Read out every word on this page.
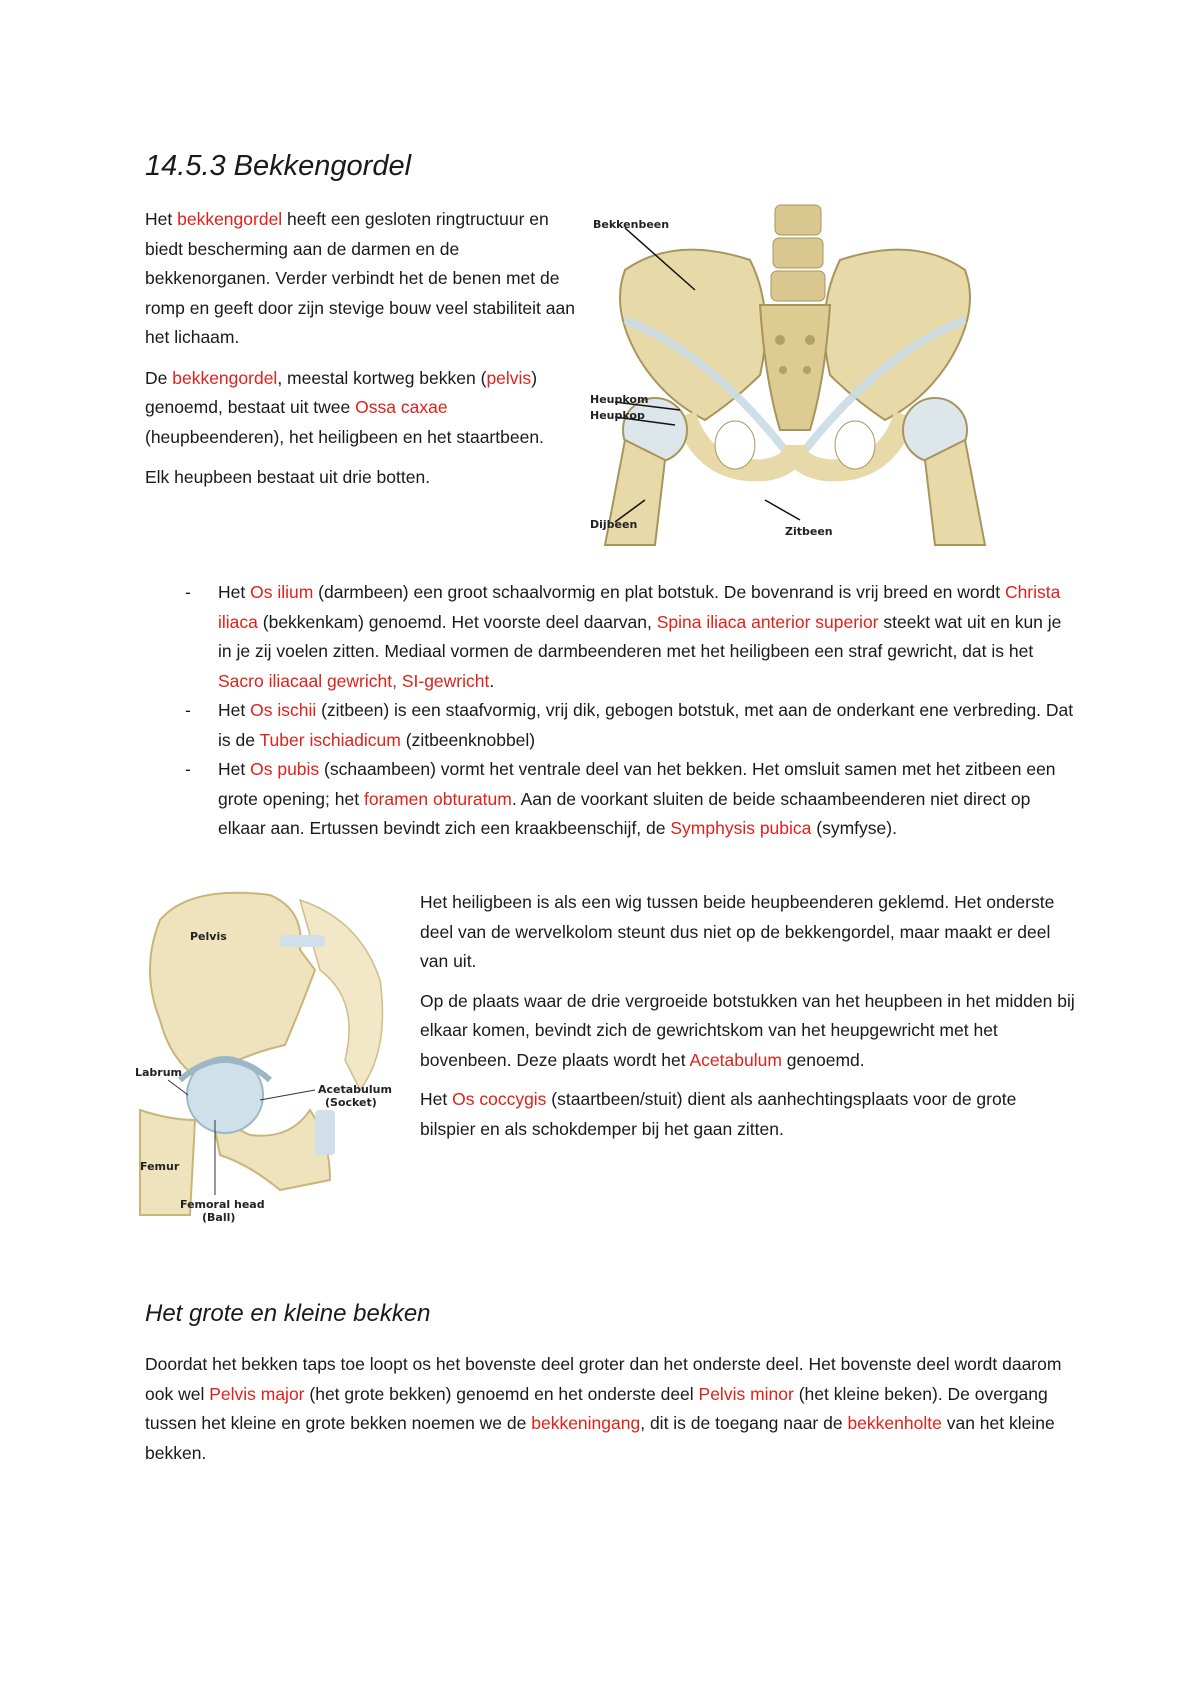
14.5.3 Bekkengordel

Het bekkengordel heeft een gesloten ringtructuur en biedt bescherming aan de darmen en de bekkenorganen. Verder verbindt het de benen met de romp en geeft door zijn stevige bouw veel stabiliteit aan het lichaam.

De bekkengordel, meestal kortweg bekken (pelvis) genoemd, bestaat uit twee Ossa caxae (heupbeenderen), het heiligbeen en het staartbeen.

Elk heupbeen bestaat uit drie botten.

Bekkenbeen
Heupkom
Heupkop
Dijbeen
Zitbeen
- Het Os ilium (darmbeen) een groot schaalvormig en plat botstuk. De bovenrand is vrij breed en wordt Christa iliaca (bekkenkam) genoemd. Het voorste deel daarvan, Spina iliaca anterior superior steekt wat uit en kun je in je zij voelen zitten. Mediaal vormen de darmbeenderen met het heiligbeen een straf gewricht, dat is het Sacro iliacaal gewricht, SI-gewricht.
- Het Os ischii (zitbeen) is een staafvormig, vrij dik, gebogen botstuk, met aan de onderkant ene verbreding. Dat is de Tuber ischiadicum (zitbeenknobbel)
- Het Os pubis (schaambeen) vormt het ventrale deel van het bekken. Het omsluit samen met het zitbeen een grote opening; het foramen obturatum. Aan de voorkant sluiten de beide schaambeenderen niet direct op elkaar aan. Ertussen bevindt zich een kraakbeenschijf, de Symphysis pubica (symfyse).
Pelvis
Labrum
Acetabulum
(Socket)
Femur
Femoral head
(Ball)

Het heiligbeen is als een wig tussen beide heupbeenderen geklemd. Het onderste deel van de wervelkolom steunt dus niet op de bekkengordel, maar maakt er deel van uit.

Op de plaats waar de drie vergroeide botstukken van het heupbeen in het midden bij elkaar komen, bevindt zich de gewrichtskom van het heupgewricht met het bovenbeen. Deze plaats wordt het Acetabulum genoemd.

Het Os coccygis (staartbeen/stuit) dient als aanhechtingsplaats voor de grote bilspier en als schokdemper bij het gaan zitten.

Het grote en kleine bekken

Doordat het bekken taps toe loopt os het bovenste deel groter dan het onderste deel. Het bovenste deel wordt daarom ook wel Pelvis major (het grote bekken) genoemd en het onderste deel Pelvis minor (het kleine beken). De overgang tussen het kleine en grote bekken noemen we de bekkeningang, dit is de toegang naar de bekkenholte van het kleine bekken.
